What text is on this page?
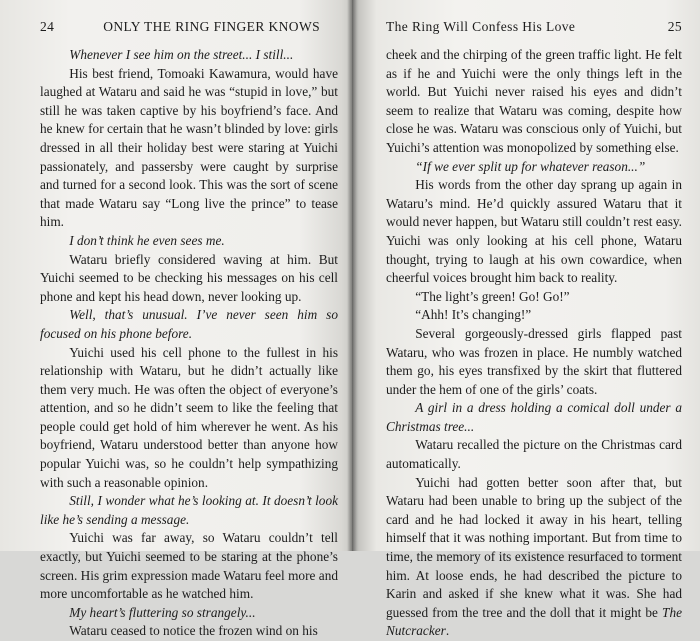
24	ONLY THE RING FINGER KNOWS

Whenever I see him on the street... I still...

His best friend, Tomoaki Kawamura, would have laughed at Wataru and said he was “stupid in love,” but still he was taken captive by his boyfriend’s face. And he knew for certain that he wasn’t blinded by love: girls dressed in all their holiday best were staring at Yuichi passionately, and passersby were caught by surprise and turned for a second look. This was the sort of scene that made Wataru say “Long live the prince” to tease him.

I don’t think he even sees me.

Wataru briefly considered waving at him. But Yuichi seemed to be checking his messages on his cell phone and kept his head down, never looking up.

Well, that’s unusual. I’ve never seen him so focused on his phone before.

Yuichi used his cell phone to the fullest in his relationship with Wataru, but he didn’t actually like them very much. He was often the object of everyone’s attention, and so he didn’t seem to like the feeling that people could get hold of him wherever he went. As his boyfriend, Wataru understood better than anyone how popular Yuichi was, so he couldn’t help sympathizing with such a reasonable opinion.

Still, I wonder what he’s looking at. It doesn’t look like he’s sending a message.

Yuichi was far away, so Wataru couldn’t tell exactly, but Yuichi seemed to be staring at the phone’s screen. His grim expression made Wataru feel more and more uncomfortable as he watched him.

My heart’s fluttering so strangely...

Wataru ceased to notice the frozen wind on his

The Ring Will Confess His Love	25

cheek and the chirping of the green traffic light. He felt as if he and Yuichi were the only things left in the world. But Yuichi never raised his eyes and didn’t seem to realize that Wataru was coming, despite how close he was. Wataru was conscious only of Yuichi, but Yuichi’s attention was monopolized by something else.

“If we ever split up for whatever reason...”

His words from the other day sprang up again in Wataru’s mind. He’d quickly assured Wataru that it would never happen, but Wataru still couldn’t rest easy. Yuichi was only looking at his cell phone, Wataru thought, trying to laugh at his own cowardice, when cheerful voices brought him back to reality.

“The light’s green! Go! Go!”

“Ahh! It’s changing!”

Several gorgeously-dressed girls flapped past Wataru, who was frozen in place. He numbly watched them go, his eyes transfixed by the skirt that fluttered under the hem of one of the girls’ coats.

A girl in a dress holding a comical doll under a Christmas tree...

Wataru recalled the picture on the Christmas card automatically.

Yuichi had gotten better soon after that, but Wataru had been unable to bring up the subject of the card and he had locked it away in his heart, telling himself that it was nothing important. But from time to time, the memory of its existence resurfaced to torment him. At loose ends, he had described the picture to Karin and asked if she knew what it was. She had guessed from the tree and the doll that it might be The Nutcracker.
